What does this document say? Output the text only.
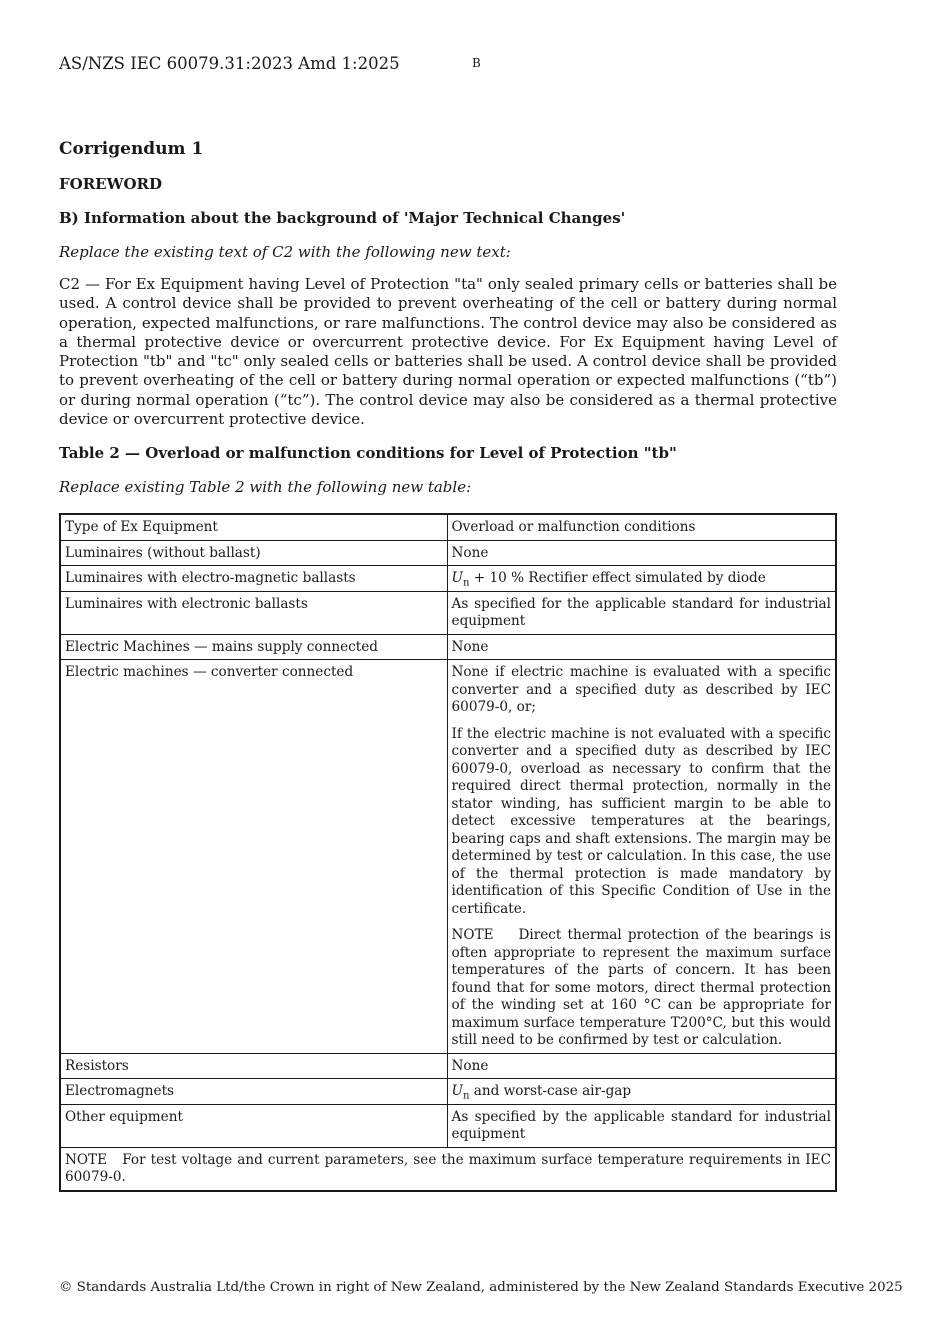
AS/NZS IEC 60079.31:2023 Amd 1:2025	B
Corrigendum 1
FOREWORD
B) Information about the background of 'Major Technical Changes'
Replace the existing text of C2 with the following new text:
C2 — For Ex Equipment having Level of Protection "ta" only sealed primary cells or batteries shall be used. A control device shall be provided to prevent overheating of the cell or battery during normal operation, expected malfunctions, or rare malfunctions. The control device may also be considered as a thermal protective device or overcurrent protective device. For Ex Equipment having Level of Protection "tb" and "tc" only sealed cells or batteries shall be used. A control device shall be provided to prevent overheating of the cell or battery during normal operation or expected malfunctions (“tb”) or during normal operation (“tc”). The control device may also be considered as a thermal protective device or overcurrent protective device.
Table 2 — Overload or malfunction conditions for Level of Protection "tb"
Replace existing Table 2 with the following new table:
Type of Ex Equipment	Overload or malfunction conditions
Luminaires (without ballast)	None
Luminaires with electro-magnetic ballasts	$U_n + 10$ % Rectifier effect simulated by diode
Luminaires with electronic ballasts	As specified for the applicable standard for industrial equipment
Electric Machines — mains supply connected	None
Electric machines — converter connected	None if electric machine is evaluated with a specific converter and a specified duty as described by IEC 60079-0, or;
If the electric machine is not evaluated with a specific converter and a specified duty as described by IEC 60079-0, overload as necessary to confirm that the required direct thermal protection, normally in the stator winding, has sufficient margin to be able to detect excessive temperatures at the bearings, bearing caps and shaft extensions. The margin may be determined by test or calculation. In this case, the use of the thermal protection is made mandatory by identification of this Specific Condition of Use in the certificate.
NOTE    Direct thermal protection of the bearings is often appropriate to represent the maximum surface temperatures of the parts of concern. It has been found that for some motors, direct thermal protection of the winding set at 160 °C can be appropriate for maximum surface temperature T200°C, but this would still need to be confirmed by test or calculation.

Resistors	None
Electromagnets	$U_n$ and worst-case air-gap
Other equipment	As specified by the applicable standard for industrial equipment
NOTE   For test voltage and current parameters, see the maximum surface temperature requirements in IEC 60079-0.	
© Standards Australia Ltd/the Crown in right of New Zealand, administered by the New Zealand Standards Executive 2025
